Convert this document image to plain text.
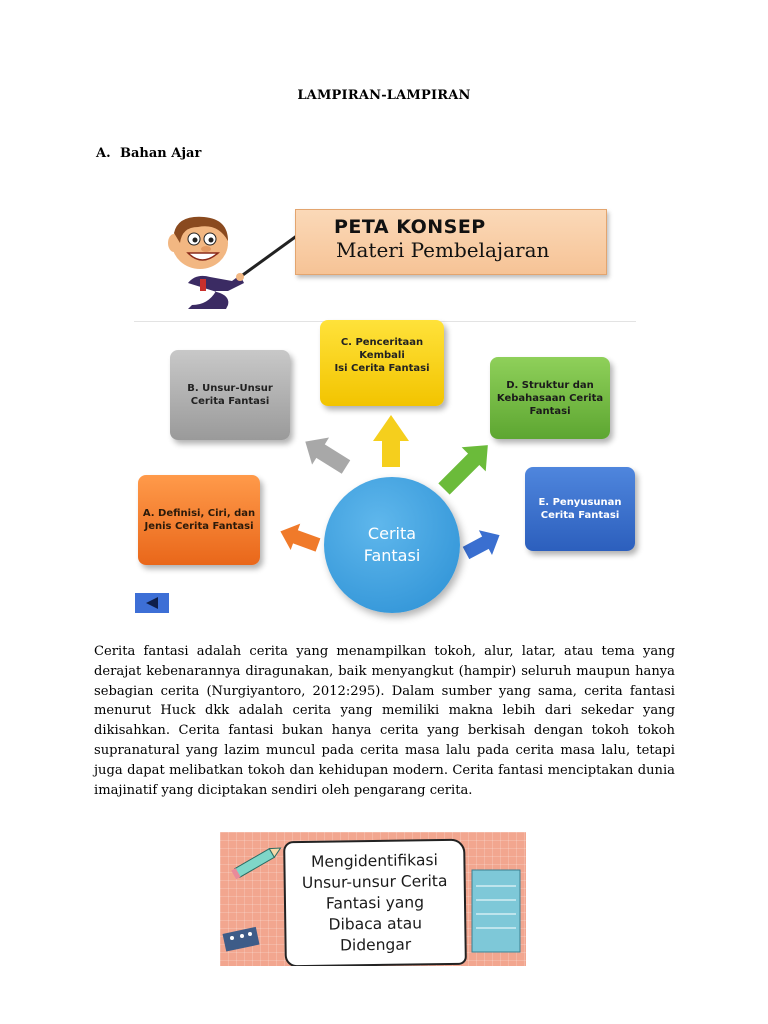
LAMPIRAN-LAMPIRAN
A. Bahan Ajar
PETA KONSEP
Materi Pembelajaran
B. Unsur-Unsur
Cerita Fantasi
C. Penceritaan Kembali
Isi Cerita Fantasi
D. Struktur dan
Kebahasaan Cerita
Fantasi
A. Definisi, Ciri, dan
Jenis Cerita Fantasi
E. Penyusunan
Cerita Fantasi
Cerita
Fantasi
Cerita fantasi adalah cerita yang menampilkan tokoh, alur, latar, atau tema yang derajat kebenarannya diragunakan, baik menyangkut (hampir) seluruh maupun hanya sebagian cerita (Nurgiyantoro, 2012:295). Dalam sumber yang sama, cerita fantasi menurut Huck dkk adalah cerita yang memiliki makna lebih dari sekedar yang dikisahkan. Cerita fantasi bukan hanya cerita yang berkisah dengan tokoh tokoh supranatural yang lazim muncul pada cerita masa lalu pada cerita masa lalu, tetapi juga dapat melibatkan tokoh dan kehidupan modern. Cerita fantasi menciptakan dunia imajinatif yang diciptakan sendiri oleh pengarang cerita.
Mengidentifikasi
Unsur-unsur Cerita
Fantasi yang
Dibaca atau
Didengar
